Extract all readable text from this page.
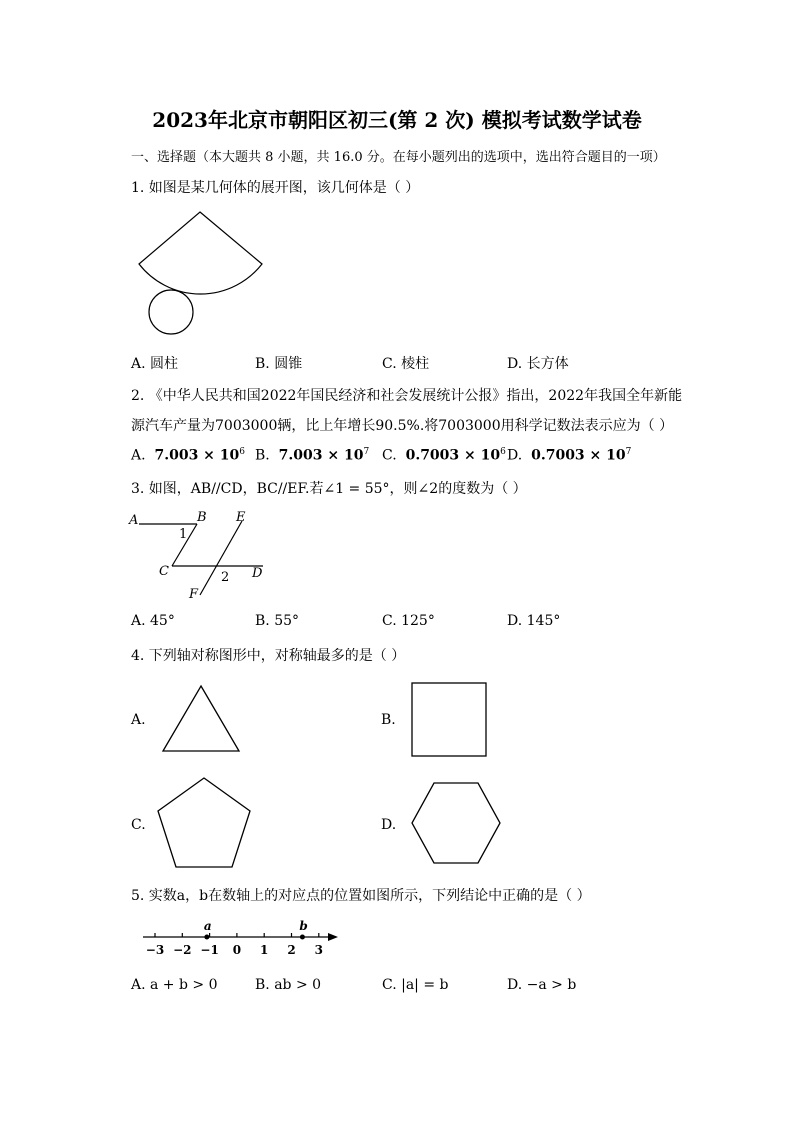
2023年北京市朝阳区初三(第 2 次) 模拟考试数学试卷
一、选择题（本大题共 8 小题，共 16.0 分。在每小题列出的选项中，选出符合题目的一项）
1. 如图是某几何体的展开图，该几何体是（ ）
A. 圆柱	B. 圆锥	C. 棱柱	D. 长方体
2. 《中华人民共和国2022年国民经济和社会发展统计公报》指出，2022年我国全年新能
源汽车产量为7003000辆，比上年增长90.5%.将7003000用科学记数法表示应为（ ）
A. $7.003 \times 10^6$ B. $7.003 \times 10^7$ C. $0.7003 \times 10^6$ D. $0.7003 \times 10^7$
3. 如图，AB//CD，BC//EF.若∠1 = 55°，则∠2的度数为（ ）
A	B E
1
C	D
2
F
A. 45°	B. 55°	C. 125°	D. 145°
4. 下列轴对称图形中，对称轴最多的是（ ）
A.	B.
C.	D.
5. 实数a，b在数轴上的对应点的位置如图所示，下列结论中正确的是（ ）
−3 −2 −1 0 1 2 3
a	b
A. a + b > 0	B. ab > 0	C. |a| = b	D. −a > b
